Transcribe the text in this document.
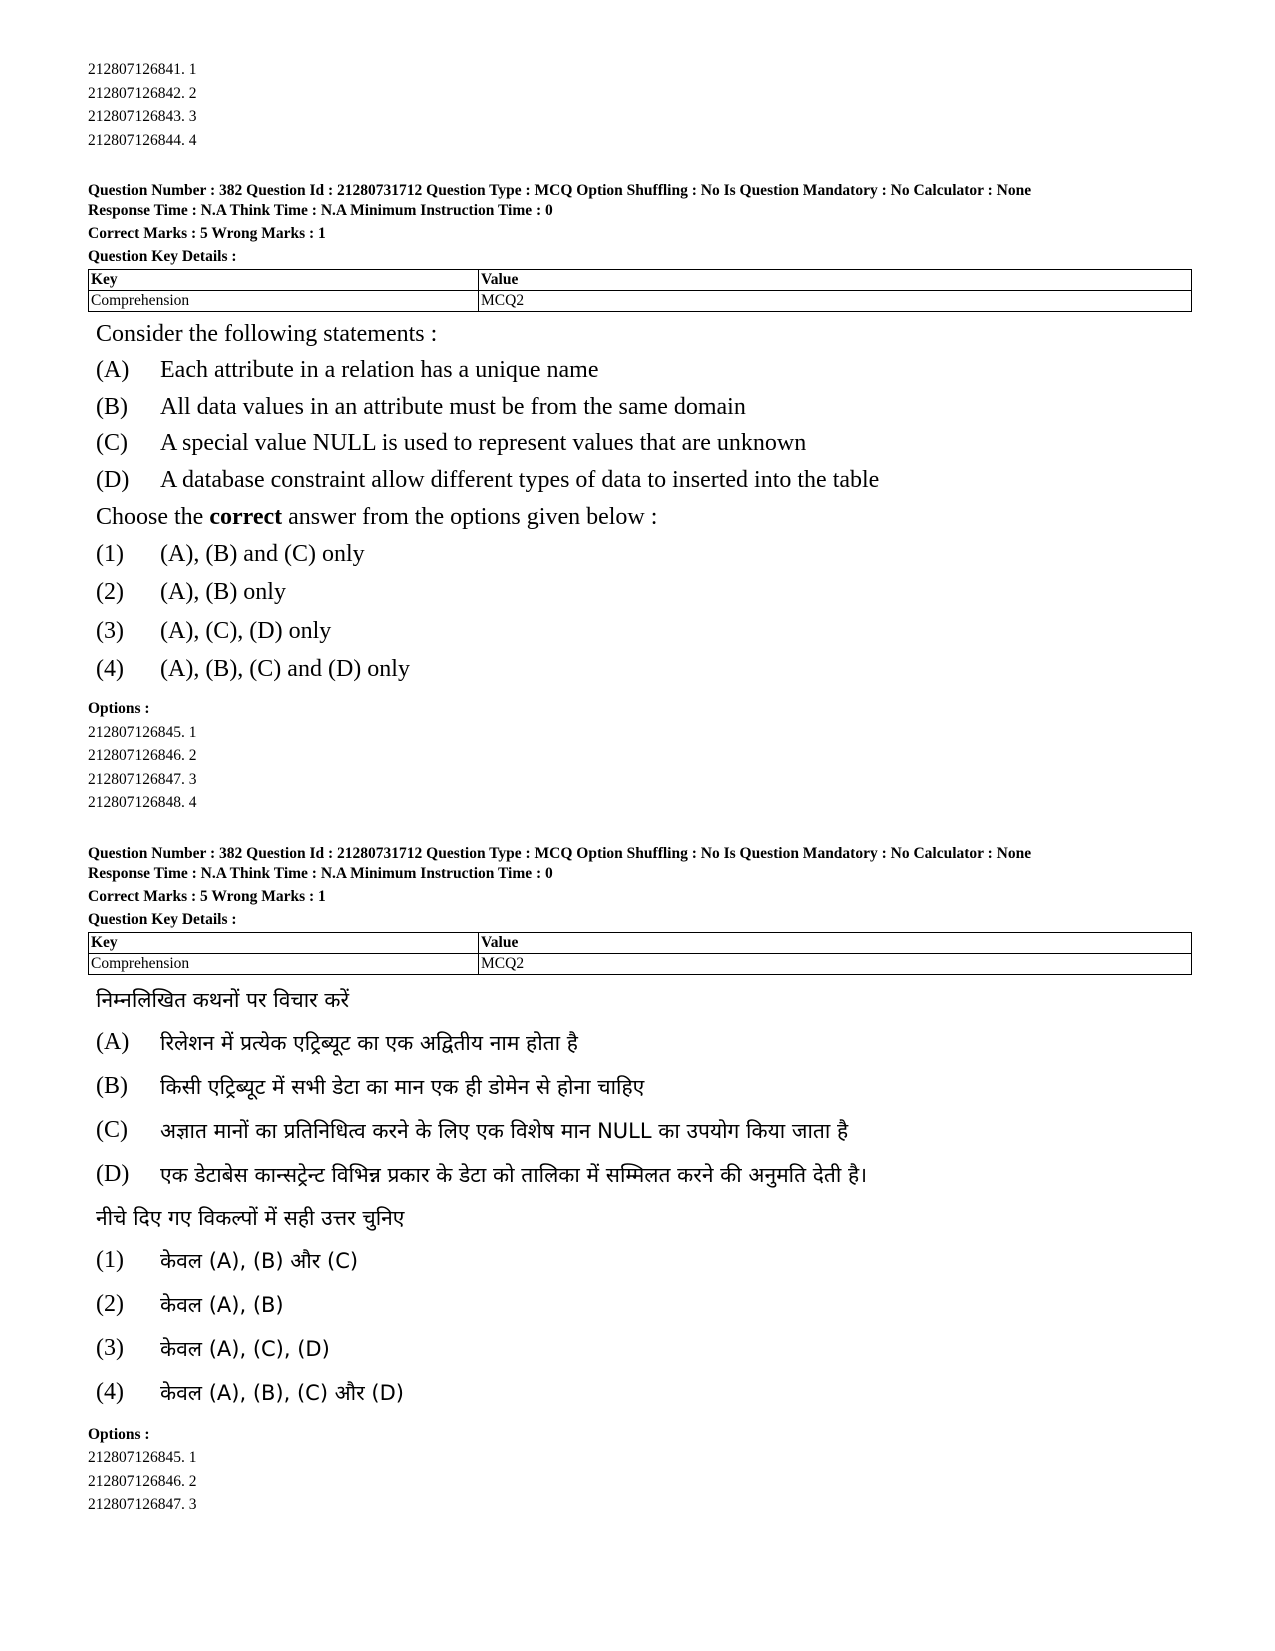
212807126841. 1
212807126842. 2
212807126843. 3
212807126844. 4
Question Number : 382 Question Id : 21280731712 Question Type : MCQ Option Shuffling : No Is Question Mandatory : No Calculator : None
Response Time : N.A Think Time : N.A Minimum Instruction Time : 0
Correct Marks : 5 Wrong Marks : 1
Question Key Details :
Key	Value
Comprehension	MCQ2
Consider the following statements :
(A)	Each attribute in a relation has a unique name
(B)	All data values in an attribute must be from the same domain
(C)	A special value NULL is used to represent values that are unknown
(D)	A database constraint allow different types of data to inserted into the table
Choose the correct answer from the options given below :
(1)	(A), (B) and (C) only
(2)	(A), (B) only
(3)	(A), (C), (D) only
(4)	(A), (B), (C) and (D) only
Options :
212807126845. 1
212807126846. 2
212807126847. 3
212807126848. 4
Question Number : 382 Question Id : 21280731712 Question Type : MCQ Option Shuffling : No Is Question Mandatory : No Calculator : None
Response Time : N.A Think Time : N.A Minimum Instruction Time : 0
Correct Marks : 5 Wrong Marks : 1
Question Key Details :
Key	Value
Comprehension	MCQ2
निम्नलिखित कथनों पर विचार करें
(A)	रिलेशन में प्रत्येक एट्रिब्यूट का एक अद्वितीय नाम होता है
(B)	किसी एट्रिब्यूट में सभी डेटा का मान एक ही डोमेन से होना चाहिए
(C)	अज्ञात मानों का प्रतिनिधित्व करने के लिए एक विशेष मान NULL का उपयोग किया जाता है
(D)	एक डेटाबेस कान्सट्रेन्ट विभिन्न प्रकार के डेटा को तालिका में सम्मिलत करने की अनुमति देती है।
नीचे दिए गए विकल्पों में सही उत्तर चुनिए
(1)	केवल (A), (B) और (C)
(2)	केवल (A), (B)
(3)	केवल (A), (C), (D)
(4)	केवल (A), (B), (C) और (D)
Options :
212807126845. 1
212807126846. 2
212807126847. 3
